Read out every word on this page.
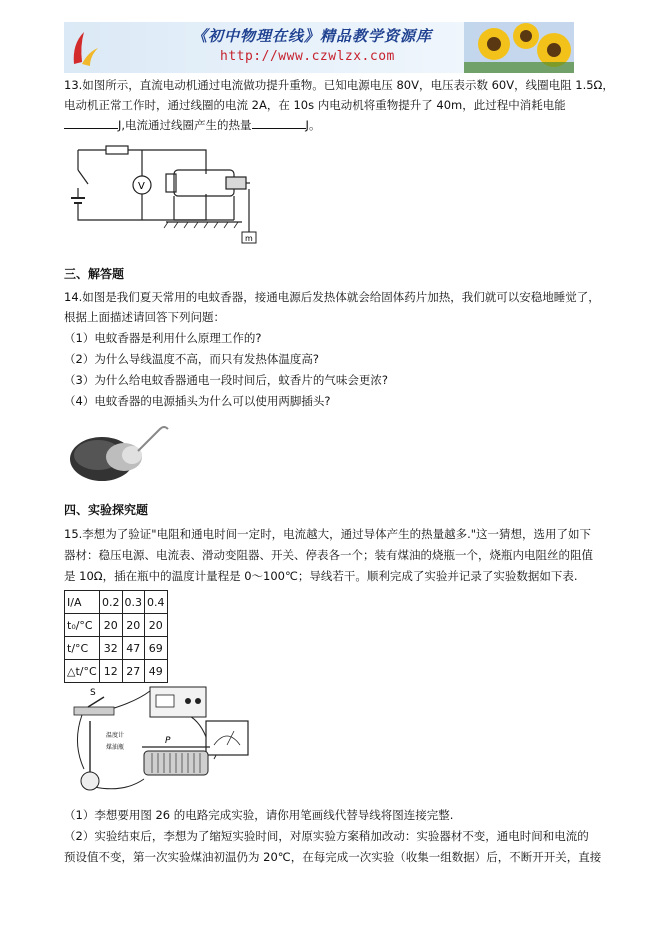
《初中物理在线》精品教学资源库
http://www.czwlzx.com
13.如图所示，直流电动机通过电流做功提升重物。已知电源电压 80V，电压表示数 60V，线圈电阻 1.5Ω，
电动机正常工作时，通过线圈的电流 2A，在 10s 内电动机将重物提升了 40m，此过程中消耗电能
J,电流通过线圈产生的热量	J。
V
m
三、解答题
14.如图是我们夏天常用的电蚊香器，接通电源后发热体就会给固体药片加热，我们就可以安稳地睡觉了，
根据上面描述请回答下列问题：
（1）电蚊香器是利用什么原理工作的?
（2）为什么导线温度不高，而只有发热体温度高?
（3）为什么给电蚊香器通电一段时间后，蚊香片的气味会更浓?
（4）电蚊香器的电源插头为什么可以使用两脚插头?
四、实验探究题
15.李想为了验证"电阻和通电时间一定时，电流越大，通过导体产生的热量越多."这一猜想，选用了如下
器材：稳压电源、电流表、滑动变阻器、开关、停表各一个；装有煤油的烧瓶一个，烧瓶内电阻丝的阻值
是 10Ω，插在瓶中的温度计量程是 0～100℃；导线若干。顺利完成了实验并记录了实验数据如下表.
I/A	0.2	0.3	0.4
t₀/°C	20	20	20
t/°C	32	47	69
△t/°C	12	27	49
S
温度计
煤油瓶
P
（1）李想要用图 26 的电路完成实验，请你用笔画线代替导线将图连接完整.
（2）实验结束后，李想为了缩短实验时间，对原实验方案稍加改动：实验器材不变，通电时间和电流的
预设值不变，第一次实验煤油初温仍为 20℃，在每完成一次实验（收集一组数据）后，不断开开关，直接
